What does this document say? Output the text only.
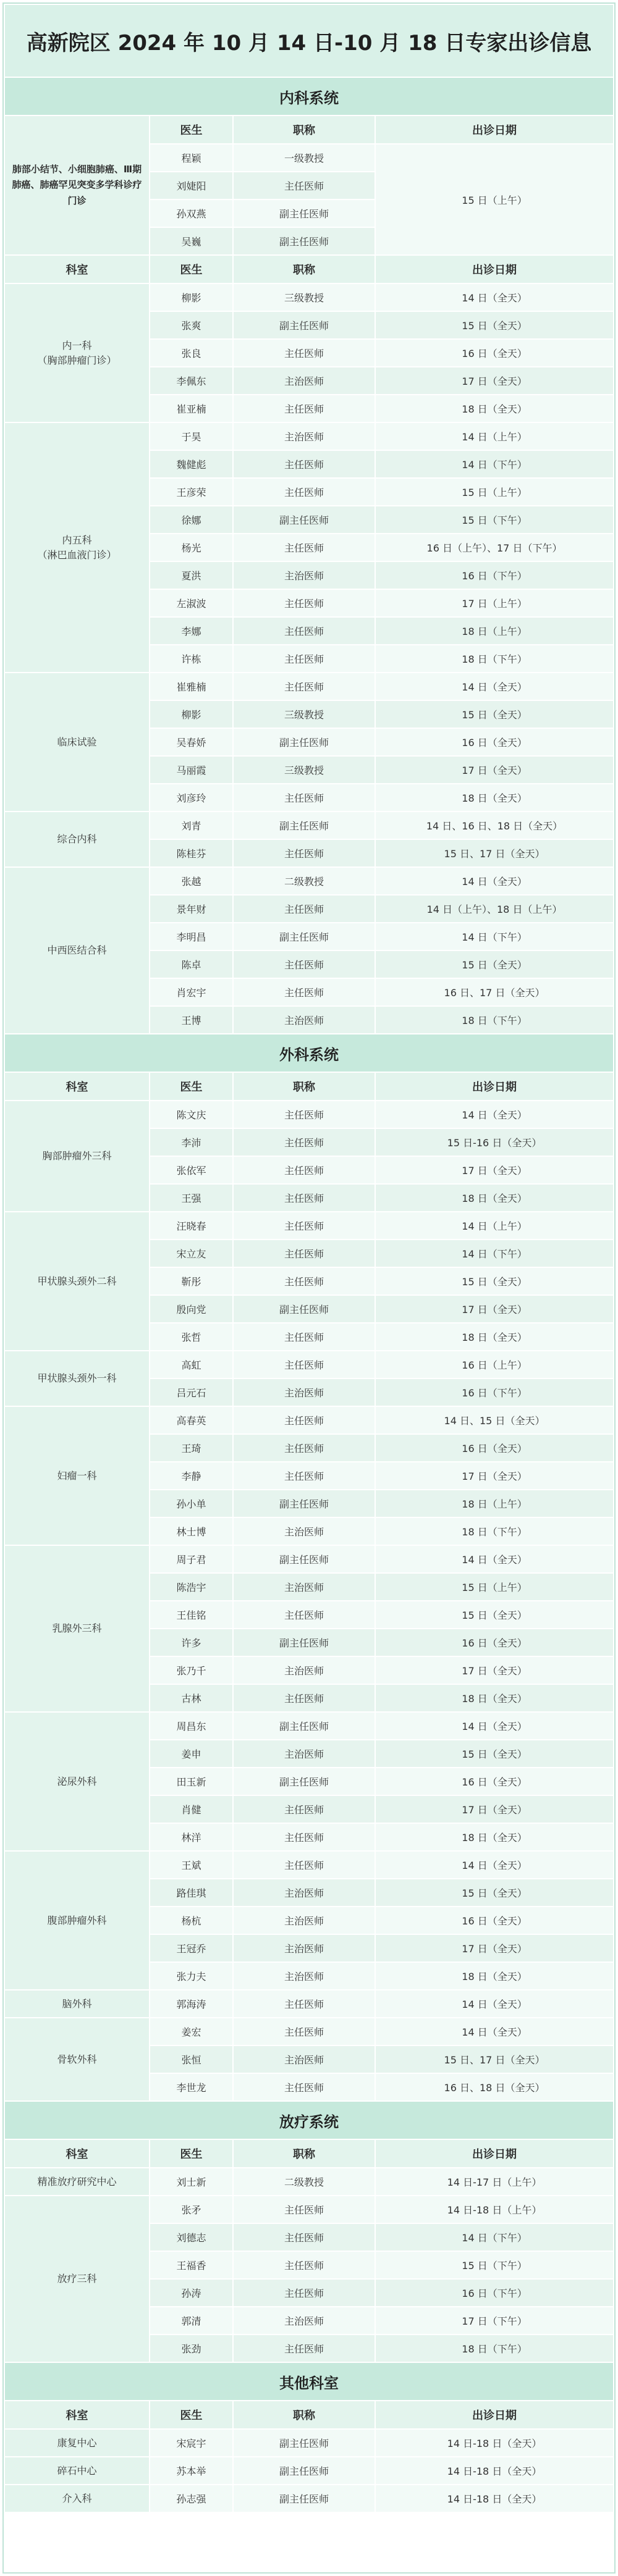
高新院区 2024 年 10 月 14 日-10 月 18 日专家出诊信息			
内科系统			
肺部小结节、小细胞肺癌、Ⅲ期肺癌、肺癌罕见突变多学科诊疗门诊	医生	职称	出诊日期
	程颖	一级教授	15 日（上午）
	刘婕阳	主任医师	
	孙双燕	副主任医师	
	吴巍	副主任医师	
科室	医生	职称	出诊日期
内一科
（胸部肿瘤门诊）	柳影	三级教授	14 日（全天）
	张爽	副主任医师	15 日（全天）
	张良	主任医师	16 日（全天）
	李佩东	主治医师	17 日（全天）
	崔亚楠	主任医师	18 日（全天）
内五科
（淋巴血液门诊）	于昊	主治医师	14 日（上午）
	魏健彪	主任医师	14 日（下午）
	王彦荣	主任医师	15 日（上午）
	徐娜	副主任医师	15 日（下午）
	杨光	主任医师	16 日（上午）、17 日（下午）
	夏洪	主治医师	16 日（下午）
	左淑波	主任医师	17 日（上午）
	李娜	主任医师	18 日（上午）
	许栋	主任医师	18 日（下午）
临床试验	崔雅楠	主任医师	14 日（全天）
	柳影	三级教授	15 日（全天）
	吴春娇	副主任医师	16 日（全天）
	马丽霞	三级教授	17 日（全天）
	刘彦玲	主任医师	18 日（全天）
综合内科	刘青	副主任医师	14 日、16 日、18 日（全天）
	陈桂芬	主任医师	15 日、17 日（全天）
中西医结合科	张越	二级教授	14 日（全天）
	景年财	主任医师	14 日（上午）、18 日（上午）
	李明昌	副主任医师	14 日（下午）
	陈卓	主任医师	15 日（全天）
	肖宏宇	主任医师	16 日、17 日（全天）
	王博	主治医师	18 日（下午）
外科系统			
科室	医生	职称	出诊日期
胸部肿瘤外三科	陈文庆	主任医师	14 日（全天）
	李沛	主任医师	15 日-16 日（全天）
	张依军	主任医师	17 日（全天）
	王强	主任医师	18 日（全天）
甲状腺头颈外二科	汪晓春	主任医师	14 日（上午）
	宋立友	主任医师	14 日（下午）
	靳彤	主任医师	15 日（全天）
	殷向党	副主任医师	17 日（全天）
	张哲	主任医师	18 日（全天）
甲状腺头颈外一科	高虹	主任医师	16 日（上午）
	吕元石	主治医师	16 日（下午）
妇瘤一科	高春英	主任医师	14 日、15 日（全天）
	王琦	主任医师	16 日（全天）
	李静	主任医师	17 日（全天）
	孙小单	副主任医师	18 日（上午）
	林士博	主治医师	18 日（下午）
乳腺外三科	周子君	副主任医师	14 日（全天）
	陈浩宇	主治医师	15 日（上午）
	王佳铭	主任医师	15 日（全天）
	许多	副主任医师	16 日（全天）
	张乃千	主治医师	17 日（全天）
	古林	主任医师	18 日（全天）
泌尿外科	周昌东	副主任医师	14 日（全天）
	姜申	主治医师	15 日（全天）
	田玉新	副主任医师	16 日（全天）
	肖健	主任医师	17 日（全天）
	林洋	主任医师	18 日（全天）
腹部肿瘤外科	王斌	主任医师	14 日（全天）
	路佳琪	主治医师	15 日（全天）
	杨杭	主治医师	16 日（全天）
	王冠乔	主治医师	17 日（全天）
	张力夫	主治医师	18 日（全天）
脑外科	郭海涛	主任医师	14 日（全天）
骨软外科	姜宏	主任医师	14 日（全天）
	张恒	主治医师	15 日、17 日（全天）
	李世龙	主任医师	16 日、18 日（全天）
放疗系统			
科室	医生	职称	出诊日期
精准放疗研究中心	刘士新	二级教授	14 日-17 日（上午）
放疗三科	张矛	主任医师	14 日-18 日（上午）
	刘德志	主任医师	14 日（下午）
	王福香	主任医师	15 日（下午）
	孙涛	主任医师	16 日（下午）
	郭清	主治医师	17 日（下午）
	张劲	主任医师	18 日（下午）
其他科室			
科室	医生	职称	出诊日期
康复中心	宋宸宇	副主任医师	14 日-18 日（全天）
碎石中心	苏本举	副主任医师	14 日-18 日（全天）
介入科	孙志强	副主任医师	14 日-18 日（全天）
